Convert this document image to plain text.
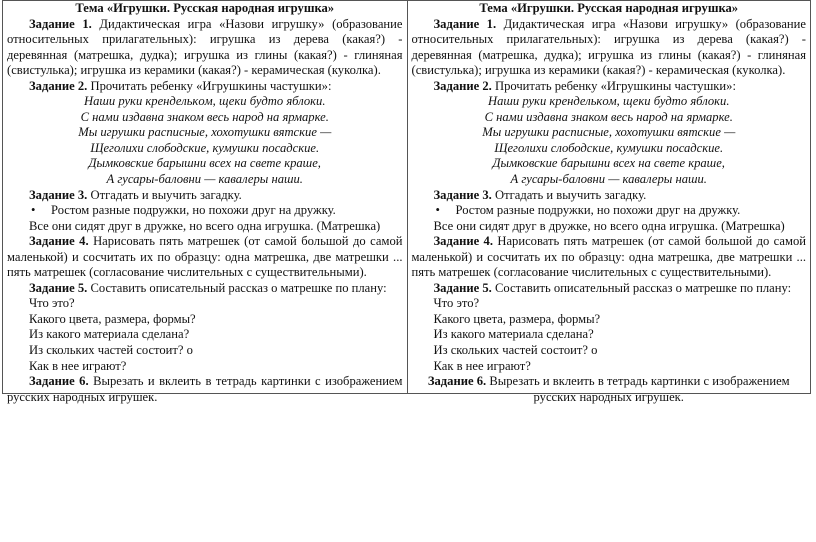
Тема «Игрушки. Русская народная игрушка»
Задание 1. Дидактическая игра «Назови игрушку» (образование относительных прилагательных): игрушка из дерева (какая?) - деревянная (матрешка, дудка); игрушка из глины (какая?) - глиняная (свистулька); игрушка из керамики (какая?) - керамическая (куколка).
Задание 2. Прочитать ребенку «Игрушкины частушки»:
Наши руки кренделькoм, щеки будто яблоки.
С нами издавна знаком весь народ на ярмарке.
Мы игрушки расписные, хохотушки вятские —
Щеголихи слободские, кумушки посадские.
Дымковские барышни всех на свете краше,
А гусары-баловни — кавалеры наши.
Задание 3. Отгадать и выучить загадку.
• Ростом разные подружки, но похожи друг на дружку.
Все они сидят друг в дружке, но всего одна игрушка. (Матрешка)
Задание 4. Нарисовать пять матрешек (от самой большой до самой маленькой) и сосчитать их по образцу: одна матрешка, две матрешки ... пять матрешек (согласование числительных с существительными).
Задание 5. Составить описательный рассказ о матрешке по плану:
Что это?
Какого цвета, размера, формы?
Из какого материала сделана?
Из скольких частей состоит? о
Как в нее играют?
Задание 6. Вырезать и вклеить в тетрадь картинки с изображением русских народных игрушек.
Тема «Игрушки. Русская народная игрушка»
Задание 1. Дидактическая игра «Назови игрушку» (образование относительных прилагательных): игрушка из дерева (какая?) - деревянная (матрешка, дудка); игрушка из глины (какая?) - глиняная (свистулька); игрушка из керамики (какая?) - керамическая (куколка).
Задание 2. Прочитать ребенку «Игрушкины частушки»:
Наши руки кренделькoм, щеки будто яблоки.
С нами издавна знаком весь народ на ярмарке.
Мы игрушки расписные, хохотушки вятские —
Щеголихи слободские, кумушки посадские.
Дымковские барышни всех на свете краше,
А гусары-баловни — кавалеры наши.
Задание 3. Отгадать и выучить загадку.
• Ростом разные подружки, но похожи друг на дружку.
Все они сидят друг в дружке, но всего одна игрушка. (Матрешка)
Задание 4. Нарисовать пять матрешек (от самой большой до самой маленькой) и сосчитать их по образцу: одна матрешка, две матрешки ... пять матрешек (согласование числительных с существительными).
Задание 5. Составить описательный рассказ о матрешке по плану:
Что это?
Какого цвета, размера, формы?
Из какого материала сделана?
Из скольких частей состоит? о
Как в нее играют?
Задание 6. Вырезать и вклеить в тетрадь картинки с изображением русских народных игрушек.
